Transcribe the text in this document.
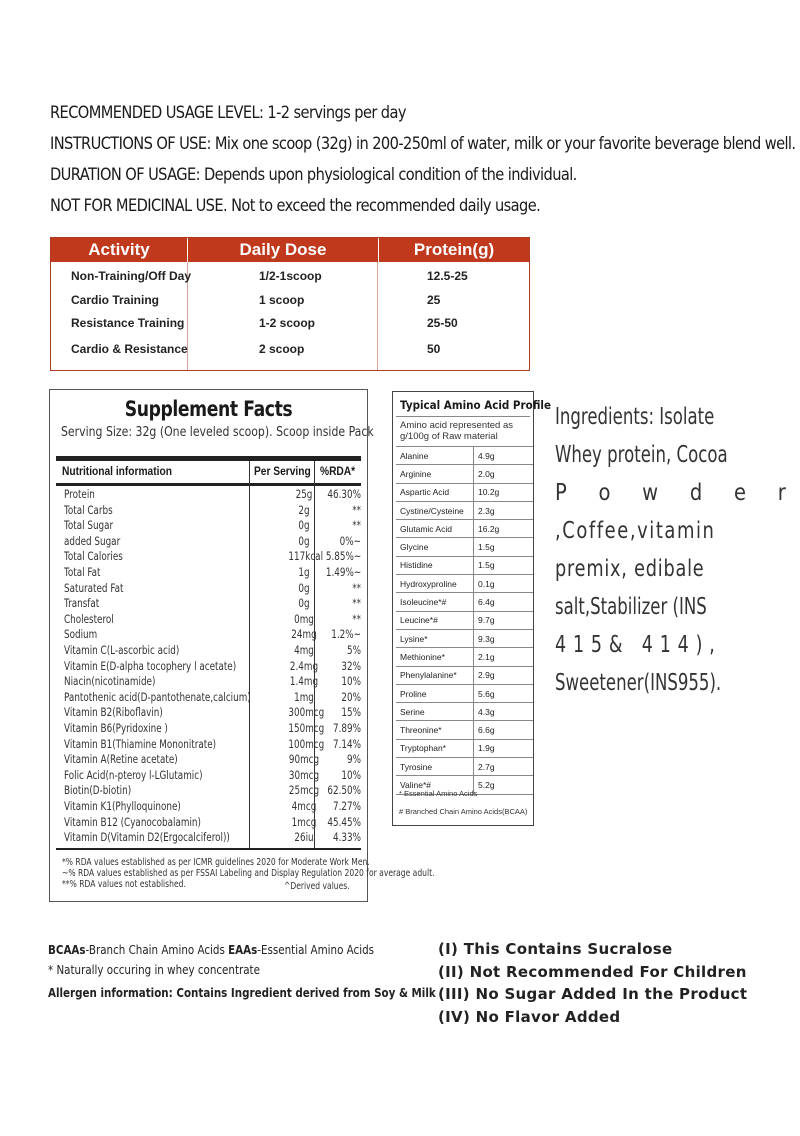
RECOMMENDED USAGE LEVEL: 1-2 servings per day
INSTRUCTIONS OF USE: Mix one scoop (32g) in 200-250ml of water, milk or your favorite beverage blend well.
DURATION OF USAGE: Depends upon physiological condition of the individual.
NOT FOR MEDICINAL USE. Not to exceed the recommended daily usage.
Activity	Daily Dose	Protein(g)
Non-Training/Off Day	1/2-1scoop	12.5-25
Cardio Training	1 scoop	25
Resistance Training	1-2 scoop	25-50
Cardio & Resistance	2 scoop	50
Supplement Facts
Serving Size: 32g (One leveled scoop). Scoop inside Pack
Nutritional information	Per Serving %RDA*
Protein	25g	46.30%
Total Carbs	2g	**
Total Sugar	0g	**
added Sugar	0g	0%~
Total Calories	117kcal 5.85%~
Total Fat	1g	1.49%~
Saturated Fat	0g	**
Transfat	0g	**
Cholesterol	0mg	**
Sodium	24mg	1.2%~
Vitamin C(L-ascorbic acid)	4mg	5%
Vitamin E(D-alpha tocophery l acetate)	2.4mg	32%
Niacin(nicotinamide)	1.4mg	10%
Pantothenic acid(D-pantothenate,calcium)	1mg	20%
Vitamin B2(Riboflavin)	300mcg	15%
Vitamin B6(Pyridoxine )	150mcg 7.89%
Vitamin B1(Thiamine Mononitrate)	100mcg 7.14%
Vitamin A(Retine acetate)	90mcg	9%
Folic Acid(n-pteroy l-LGlutamic)	30mcg	10%
Biotin(D-biotin)	25mcg 62.50%
Vitamin K1(Phylloquinone)	4mcg	7.27%
Vitamin B12 (Cyanocobalamin)	1mcg 45.45%
Vitamin D(Vitamin D2(Ergocalciferol))	26iu	4.33%
*% RDA values established as per ICMR guidelines 2020 for Moderate Work Men.
~% RDA values established as per FSSAI Labeling and Display Regulation 2020 for average adult.
**% RDA values not established.	^Derived values.
Typical Amino Acid Profile
Amino acid represented as g/100g of Raw material
Alanine	4.9g
Arginine	2.0g
Aspartic Acid	10.2g
Cystine/Cysteine	2.3g
Glutamic Acid	16.2g
Glycine	1.5g
Histidine	1.5g
Hydroxyproline	0.1g
Isoleucine*#	6.4g
Leucine*#	9.7g
Lysine*	9.3g
Methionine*	2.1g
Phenylalanine*	2.9g
Proline	5.6g
Serine	4.3g
Threonine*	6.6g
Tryptophan*	1.9g
Tyrosine	2.7g
Valine*#	5.2g

* Essential Amino Acids
# Branched Chain Amino Acids(BCAA)
Ingredients: Isolate
Whey protein, Cocoa
P o w d e r
,Coffee,vitamin
premix, edibale
salt,Stabilizer (INS
415& 414),
Sweetener(INS955).
BCAAs-Branch Chain Amino Acids EAAs-Essential Amino Acids
* Naturally occuring in whey concentrate
Allergen information: Contains Ingredient derived from Soy & Milk
(I) This Contains Sucralose
(II) Not Recommended For Children
(III) No Sugar Added In the Product
(IV) No Flavor Added
